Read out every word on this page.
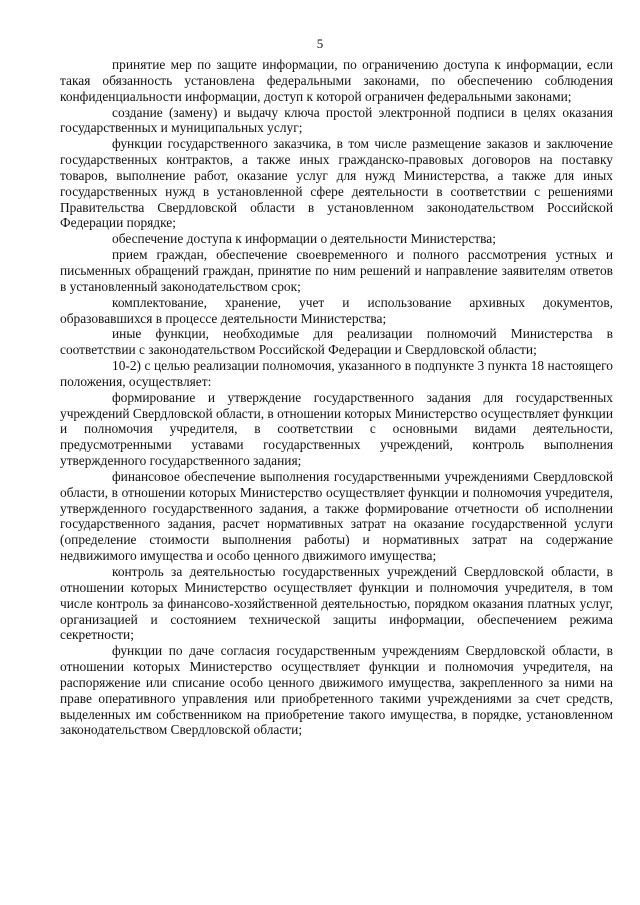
5

принятие мер по защите информации, по ограничению доступа к информации, если такая обязанность установлена федеральными законами, по обеспечению соблюдения конфиденциальности информации, доступ к которой ограничен федеральными законами;

создание (замену) и выдачу ключа простой электронной подписи в целях оказания государственных и муниципальных услуг;

функции государственного заказчика, в том числе размещение заказов и заключение государственных контрактов, а также иных гражданско-правовых договоров на поставку товаров, выполнение работ, оказание услуг для нужд Министерства, а также для иных государственных нужд в установленной сфере деятельности в соответствии с решениями Правительства Свердловской области в установленном законодательством Российской Федерации порядке;

обеспечение доступа к информации о деятельности Министерства;

прием граждан, обеспечение своевременного и полного рассмотрения устных и письменных обращений граждан, принятие по ним решений и направление заявителям ответов в установленный законодательством срок;

комплектование, хранение, учет и использование архивных документов, образовавшихся в процессе деятельности Министерства;

иные функции, необходимые для реализации полномочий Министерства в соответствии с законодательством Российской Федерации и Свердловской области;

10-2) с целью реализации полномочия, указанного в подпункте 3 пункта 18 настоящего положения, осуществляет:

формирование и утверждение государственного задания для государственных учреждений Свердловской области, в отношении которых Министерство осуществляет функции и полномочия учредителя, в соответствии с основными видами деятельности, предусмотренными уставами государственных учреждений, контроль выполнения утвержденного государственного задания;

финансовое обеспечение выполнения государственными учреждениями Свердловской области, в отношении которых Министерство осуществляет функции и полномочия учредителя, утвержденного государственного задания, а также формирование отчетности об исполнении государственного задания, расчет нормативных затрат на оказание государственной услуги (определение стоимости выполнения работы) и нормативных затрат на содержание недвижимого имущества и особо ценного движимого имущества;

контроль за деятельностью государственных учреждений Свердловской области, в отношении которых Министерство осуществляет функции и полномочия учредителя, в том числе контроль за финансово-хозяйственной деятельностью, порядком оказания платных услуг, организацией и состоянием технической защиты информации, обеспечением режима секретности;

функции по даче согласия государственным учреждениям Свердловской области, в отношении которых Министерство осуществляет функции и полномочия учредителя, на распоряжение или списание особо ценного движимого имущества, закрепленного за ними на праве оперативного управления или приобретенного такими учреждениями за счет средств, выделенных им собственником на приобретение такого имущества, в порядке, установленном законодательством Свердловской области;
